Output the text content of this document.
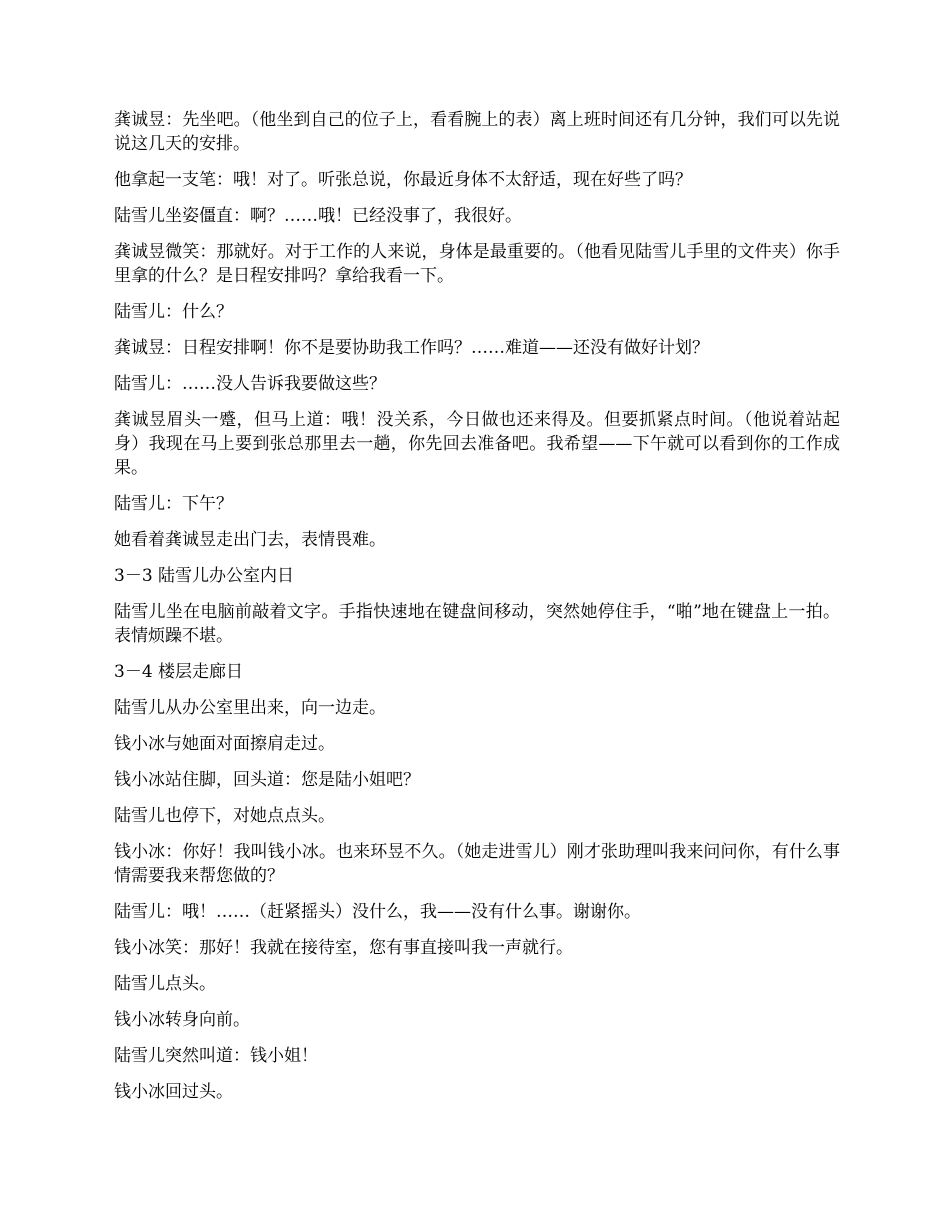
龚诚昱：先坐吧。（他坐到自己的位子上，看看腕上的表）离上班时间还有几分钟，我们可以先说说这几天的安排。

他拿起一支笔：哦！对了。听张总说，你最近身体不太舒适，现在好些了吗？

陆雪儿坐姿僵直：啊？……哦！已经没事了，我很好。

龚诚昱微笑：那就好。对于工作的人来说，身体是最重要的。（他看见陆雪儿手里的文件夹）你手里拿的什么？是日程安排吗？拿给我看一下。

陆雪儿：什么？

龚诚昱：日程安排啊！你不是要协助我工作吗？……难道——还没有做好计划？

陆雪儿：……没人告诉我要做这些？

龚诚昱眉头一蹙，但马上道：哦！没关系，今日做也还来得及。但要抓紧点时间。（他说着站起身）我现在马上要到张总那里去一趟，你先回去准备吧。我希望——下午就可以看到你的工作成果。

陆雪儿：下午？

她看着龚诚昱走出门去，表情畏难。

3－3 陆雪儿办公室内日

陆雪儿坐在电脑前敲着文字。手指快速地在键盘间移动，突然她停住手，“啪”地在键盘上一拍。表情烦躁不堪。

3－4 楼层走廊日

陆雪儿从办公室里出来，向一边走。

钱小冰与她面对面擦肩走过。

钱小冰站住脚，回头道：您是陆小姐吧？

陆雪儿也停下，对她点点头。

钱小冰：你好！我叫钱小冰。也来环昱不久。（她走进雪儿）刚才张助理叫我来问问你，有什么事情需要我来帮您做的？

陆雪儿：哦！……（赶紧摇头）没什么，我——没有什么事。谢谢你。

钱小冰笑：那好！我就在接待室，您有事直接叫我一声就行。

陆雪儿点头。

钱小冰转身向前。

陆雪儿突然叫道：钱小姐！

钱小冰回过头。
